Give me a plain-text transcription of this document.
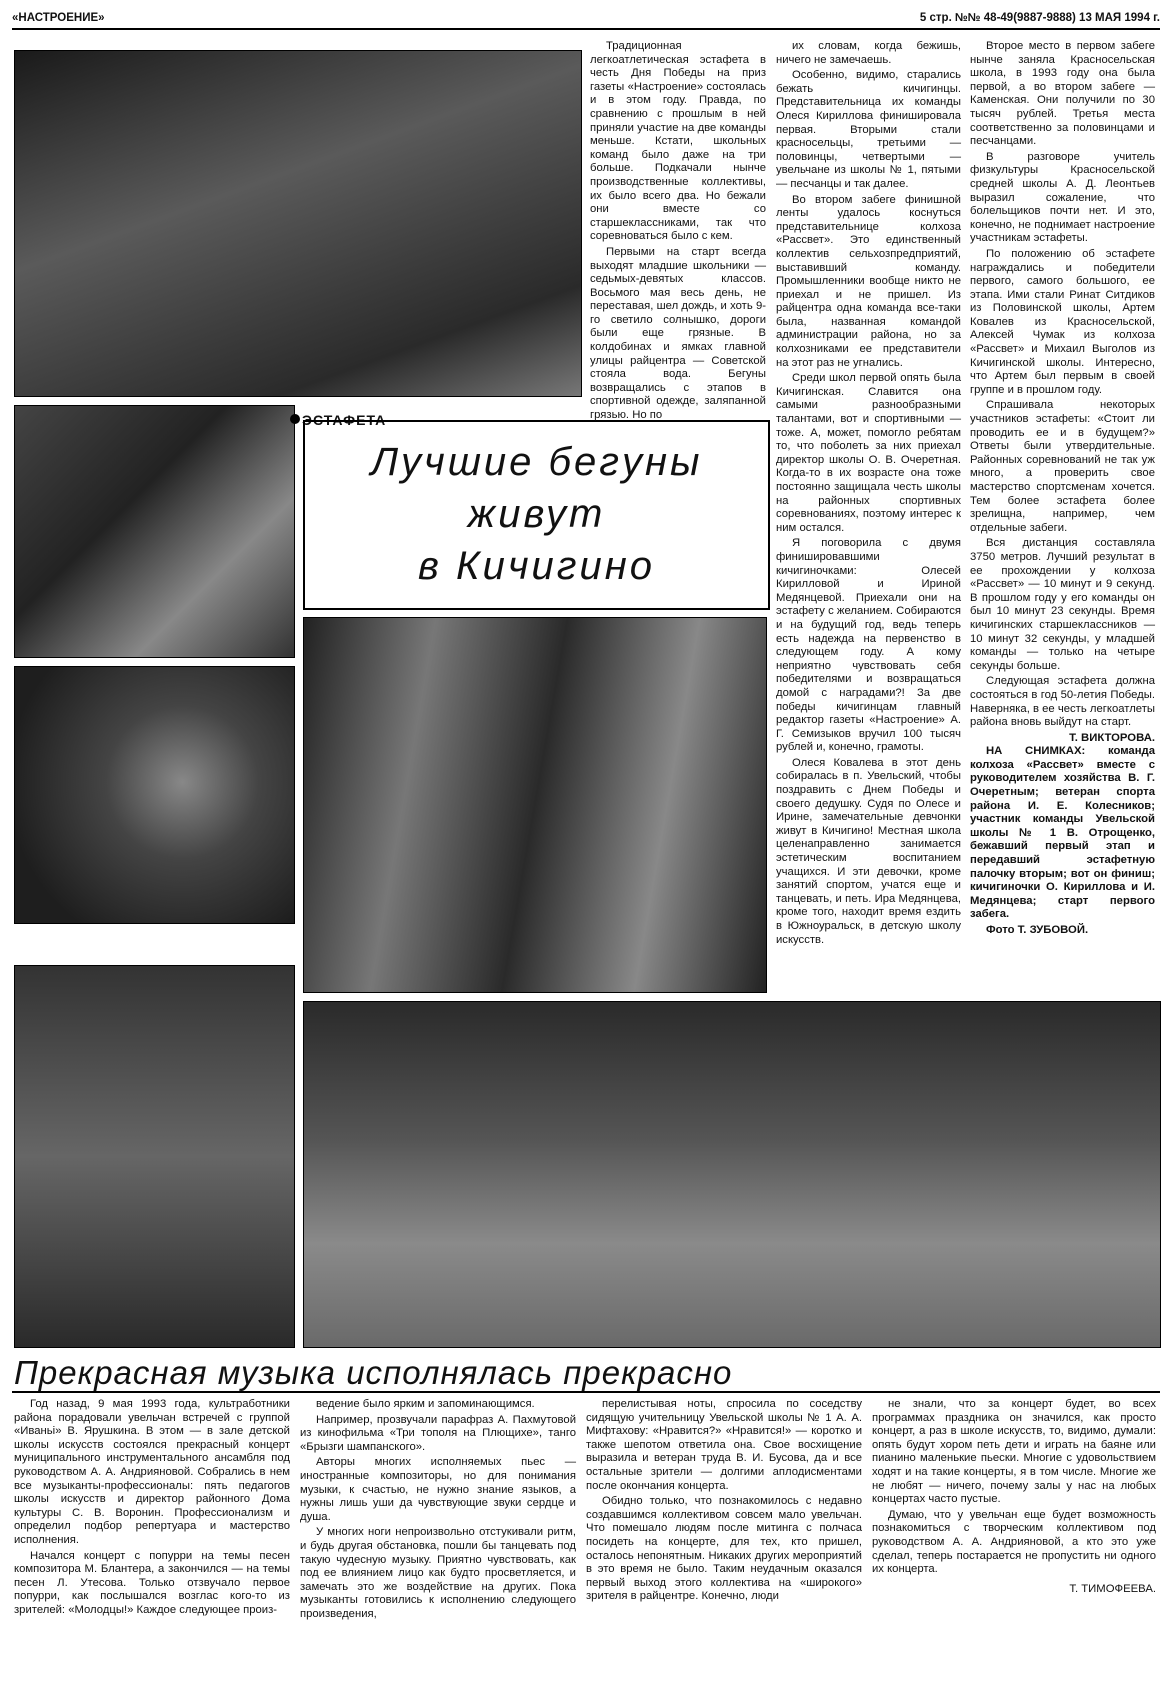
«НАСТРОЕНИЕ»	5 стр. №№ 48-49(9887-9888) 13 МАЯ 1994 г.
ЭСТАФЕТА
Лучшие бегуны
живут
в Кичигино

Традиционная легкоатлетическая эстафета в честь Дня Победы на приз газеты «Настроение» состоялась и в этом году. Правда, по сравнению с прошлым в ней приняли участие на две команды меньше. Кстати, школьных команд было даже на три больше. Подкачали нынче производственные коллективы, их было всего два. Но бежали они вместе со старшеклассниками, так что соревноваться было с кем.

Первыми на старт всегда выходят младшие школьники — седьмых-девятых классов. Восьмого мая весь день, не переставая, шел дождь, и хоть 9-го светило солнышко, дороги были еще грязные. В колдобинах и ямках главной улицы райцентра — Советской стояла вода. Бегуны возвращались с этапов в спортивной одежде, заляпанной грязью. Но по

их словам, когда бежишь, ничего не замечаешь.

Особенно, видимо, старались бежать кичигинцы. Представительница их команды Олеся Кириллова финишировала первая. Вторыми стали красносельцы, третьими — половинцы, четвертыми — увельчане из школы № 1, пятыми — песчанцы и так далее.

Во втором забеге финишной ленты удалось коснуться представительнице колхоза «Рассвет». Это единственный коллектив сельхозпредприятий, выставивший команду. Промышленники вообще никто не приехал и не пришел. Из райцентра одна команда все-таки была, названная командой администрации района, но за колхозниками ее представители на этот раз не угнались.

Среди школ первой опять была Кичигинская. Славится она самыми разнообразными талантами, вот и спортивными — тоже. А, может, помогло ребятам то, что поболеть за них приехал директор школы О. В. Очеретная. Когда-то в их возрасте она тоже постоянно защищала честь школы на районных спортивных соревнованиях, поэтому интерес к ним остался.

Я поговорила с двумя финишировавшими кичигиночками: Олесей Кирилловой и Ириной Медянцевой. Приехали они на эстафету с желанием. Собираются и на будущий год, ведь теперь есть надежда на первенство в следующем году. А кому неприятно чувствовать себя победителями и возвращаться домой с наградами?! За две победы кичигинцам главный редактор газеты «Настроение» А. Г. Семизыков вручил 100 тысяч рублей и, конечно, грамоты.

Олеся Ковалева в этот день собиралась в п. Увельский, чтобы поздравить с Днем Победы и своего дедушку. Судя по Олесе и Ирине, замечательные девчонки живут в Кичигино! Местная школа целенаправленно занимается эстетическим воспитанием учащихся. И эти девочки, кроме занятий спортом, учатся еще и танцевать, и петь. Ира Медянцева, кроме того, находит время ездить в Южноуральск, в детскую школу искусств.

Второе место в первом забеге нынче заняла Красносельская школа, в 1993 году она была первой, а во втором забеге — Каменская. Они получили по 30 тысяч рублей. Третья места соответственно за половинцами и песчанцами.

В разговоре учитель физкультуры Красносельской средней школы А. Д. Леонтьев выразил сожаление, что болельщиков почти нет. И это, конечно, не поднимает настроение участникам эстафеты.

По положению об эстафете награждались и победители первого, самого большого, ее этапа. Ими стали Ринат Ситдиков из Половинской школы, Артем Ковалев из Красносельской, Алексей Чумак из колхоза «Рассвет» и Михаил Выголов из Кичигинской школы. Интересно, что Артем был первым в своей группе и в прошлом году.

Спрашивала некоторых участников эстафеты: «Стоит ли проводить ее и в будущем?» Ответы были утвердительные. Районных соревнований не так уж много, а проверить свое мастерство спортсменам хочется. Тем более эстафета более зрелищна, например, чем отдельные забеги.

Вся дистанция составляла 3750 метров. Лучший результат в ее прохождении у колхоза «Рассвет» — 10 минут и 9 секунд. В прошлом году у его команды он был 10 минут 23 секунды. Время кичигинских старшеклассников — 10 минут 32 секунды, у младшей команды — только на четыре секунды больше.

Следующая эстафета должна состояться в год 50-летия Победы. Наверняка, в ее честь легкоатлеты района вновь выйдут на старт.

Т. ВИКТОРОВА.

НА СНИМКАХ: команда колхоза «Рассвет» вместе с руководителем хозяйства В. Г. Очеретным; ветеран спорта района И. Е. Колесников; участник команды Увельской школы № 1 В. Отрощенко, бежавший первый этап и передавший эстафетную палочку вторым; вот он финиш; кичигиночки О. Кириллова и И. Медянцева; старт первого забега.

Фото Т. ЗУБОВОЙ.

Прекрасная музыка исполнялась прекрасно

Год назад, 9 мая 1993 года, культработники района порадовали увельчан встречей с группой «Иваньі» В. Ярушкина. В этом — в зале детской школы искусств состоялся прекрасный концерт муниципального инструментального ансамбля под руководством А. А. Андрияновой. Собрались в нем все музыканты-профессионалы: пять педагогов школы искусств и директор районного Дома культуры С. В. Воронин. Профессионализм и определил подбор репертуара и мастерство исполнения.

Начался концерт с попурри на темы песен композитора М. Блантера, а закончился — на темы песен Л. Утесова. Только отзвучало первое попурри, как послышался возглас кого-то из зрителей: «Молодцы!» Каждое следующее произ-

ведение было ярким и запоминающимся.

Например, прозвучали парафраз А. Пахмутовой из кинофильма «Три тополя на Плющихе», танго «Брызги шампанского».

Авторы многих исполняемых пьес — иностранные композиторы, но для понимания музыки, к счастью, не нужно знание языков, а нужны лишь уши да чувствующие звуки сердце и душа.

У многих ноги непроизвольно отстукивали ритм, и будь другая обстановка, пошли бы танцевать под такую чудесную музыку. Приятно чувствовать, как под ее влиянием лицо как будто просветляется, и замечать это же воздействие на других. Пока музыканты готовились к исполнению следующего произведения,

перелистывая ноты, спросила по соседству сидящую учительницу Увельской школы № 1 А. А. Мифтахову: «Нравится?» «Нравится!» — коротко и также шепотом ответила она. Свое восхищение выразила и ветеран труда В. И. Бусова, да и все остальные зрители — долгими аплодисментами после окончания концерта.

Обидно только, что познакомилось с недавно создавшимся коллективом совсем мало увельчан. Что помешало людям после митинга с полчаса посидеть на концерте, для тех, кто пришел, осталось непонятным. Никаких других мероприятий в это время не было. Таким неудачным оказался первый выход этого коллектива на «широкого» зрителя в райцентре. Конечно, люди

не знали, что за концерт будет, во всех программах праздника он значился, как просто концерт, а раз в школе искусств, то, видимо, думали: опять будут хором петь дети и играть на баяне или пианино маленькие пьески. Многие с удовольствием ходят и на такие концерты, я в том числе. Многие же не любят — ничего, почему залы у нас на любых концертах часто пустые.

Думаю, что у увельчан еще будет возможность познакомиться с творческим коллективом под руководством А. А. Андрияновой, а кто это уже сделал, теперь постарается не пропустить ни одного их концерта.

Т. ТИМОФЕЕВА.
